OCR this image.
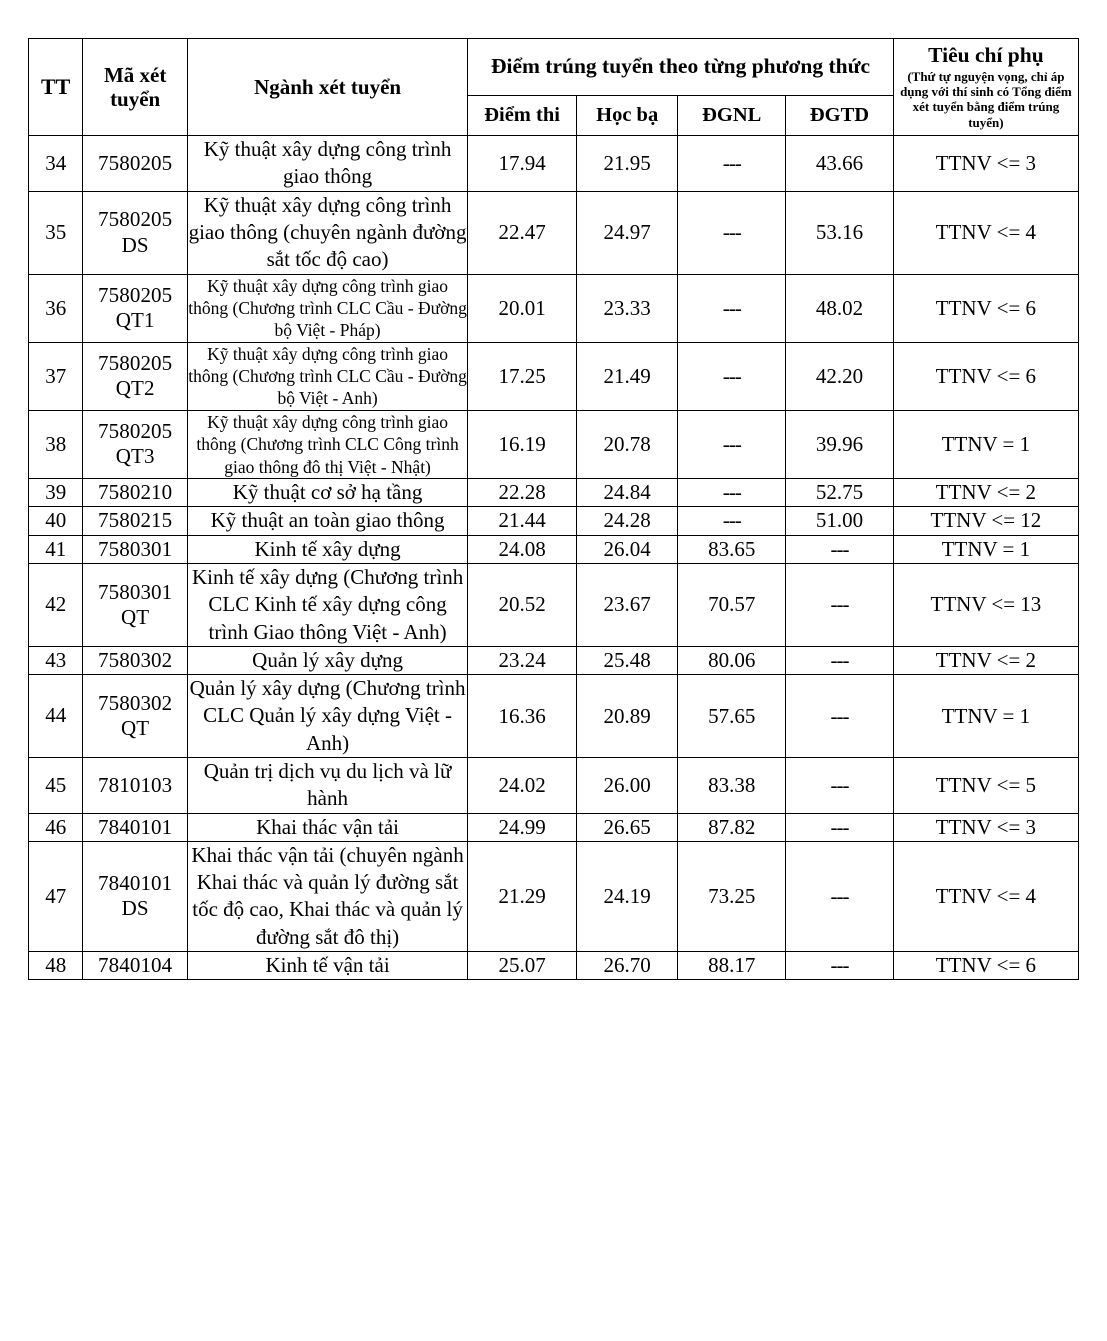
TT	Mã xét tuyển	Ngành xét tuyển	Điểm trúng tuyển theo từng phương thức				Tiêu chí phụ
(Thứ tự nguyện vọng, chỉ áp dụng với thí sinh có Tổng điểm xét tuyển bằng điểm trúng tuyển)

			Điểm thi	Học bạ	ĐGNL	ĐGTD	
34	7580205	Kỹ thuật xây dựng công trình giao thông	17.94	21.95	---	43.66	TTNV <= 3
35	7580205 DS	Kỹ thuật xây dựng công trình giao thông (chuyên ngành đường sắt tốc độ cao)	22.47	24.97	---	53.16	TTNV <= 4
36	7580205 QT1	Kỹ thuật xây dựng công trình giao thông (Chương trình CLC Cầu - Đường bộ Việt - Pháp)	20.01	23.33	---	48.02	TTNV <= 6
37	7580205 QT2	Kỹ thuật xây dựng công trình giao thông (Chương trình CLC Cầu - Đường bộ Việt - Anh)	17.25	21.49	---	42.20	TTNV <= 6
38	7580205 QT3	Kỹ thuật xây dựng công trình giao thông (Chương trình CLC Công trình giao thông đô thị Việt - Nhật)	16.19	20.78	---	39.96	TTNV = 1
39	7580210	Kỹ thuật cơ sở hạ tầng	22.28	24.84	---	52.75	TTNV <= 2
40	7580215	Kỹ thuật an toàn giao thông	21.44	24.28	---	51.00	TTNV <= 12
41	7580301	Kinh tế xây dựng	24.08	26.04	83.65	---	TTNV = 1
42	7580301 QT	Kinh tế xây dựng (Chương trình CLC Kinh tế xây dựng công trình Giao thông Việt - Anh)	20.52	23.67	70.57	---	TTNV <= 13
43	7580302	Quản lý xây dựng	23.24	25.48	80.06	---	TTNV <= 2
44	7580302 QT	Quản lý xây dựng (Chương trình CLC Quản lý xây dựng Việt - Anh)	16.36	20.89	57.65	---	TTNV = 1
45	7810103	Quản trị dịch vụ du lịch và lữ hành	24.02	26.00	83.38	---	TTNV <= 5
46	7840101	Khai thác vận tải	24.99	26.65	87.82	---	TTNV <= 3
47	7840101 DS	Khai thác vận tải (chuyên ngành Khai thác và quản lý đường sắt tốc độ cao, Khai thác và quản lý đường sắt đô thị)	21.29	24.19	73.25	---	TTNV <= 4
48	7840104	Kinh tế vận tải	25.07	26.70	88.17	---	TTNV <= 6
